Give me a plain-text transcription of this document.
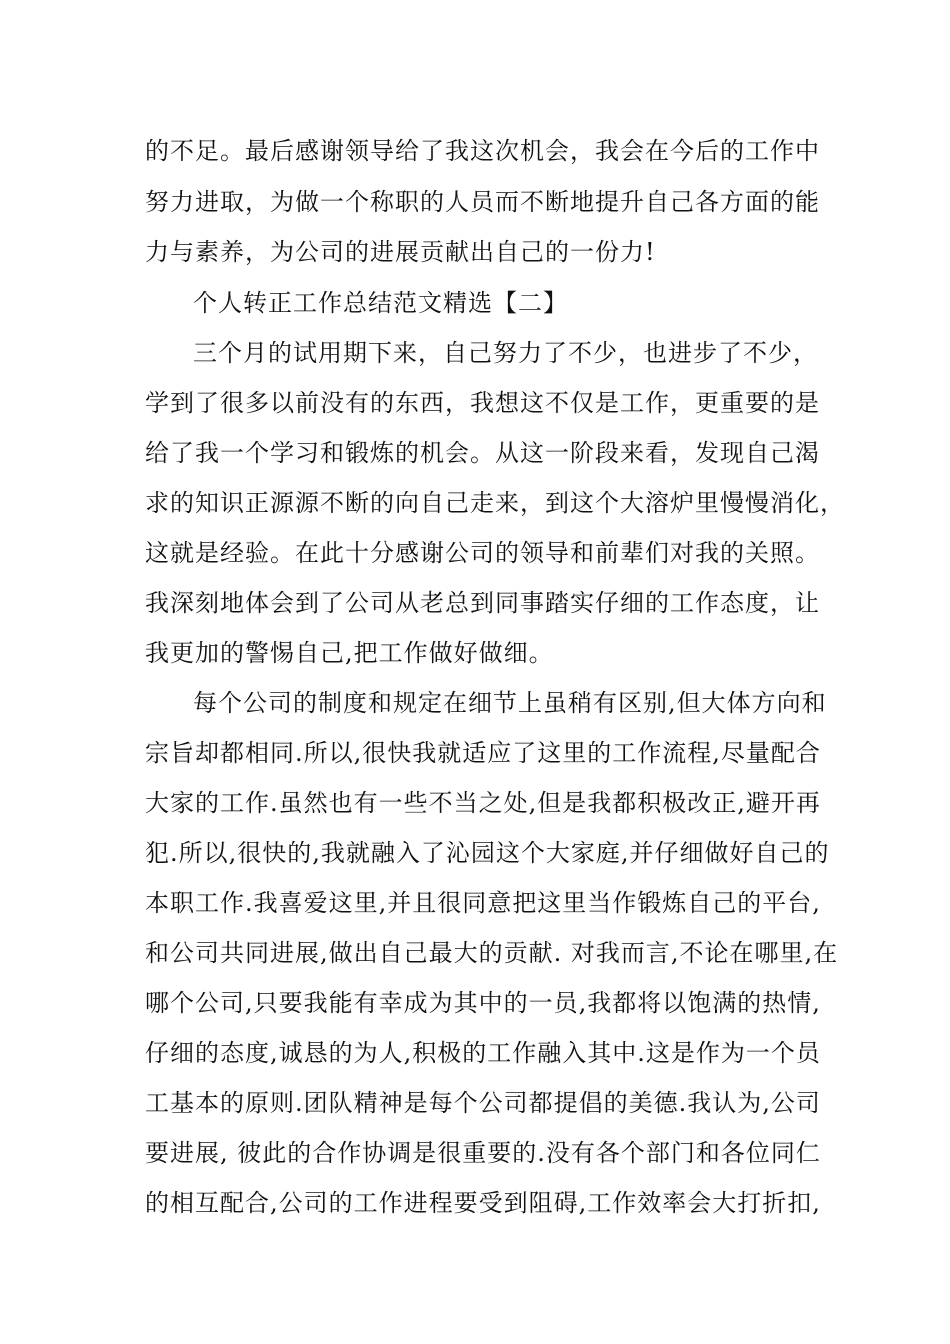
的不足。最后感谢领导给了我这次机会，我会在今后的工作中
努力进取，为做一个称职的人员而不断地提升自己各方面的能
力与素养，为公司的进展贡献出自己的一份力!
个人转正工作总结范文精选【二】
三个月的试用期下来，自己努力了不少，也进步了不少，
学到了很多以前没有的东西，我想这不仅是工作，更重要的是
给了我一个学习和锻炼的机会。从这一阶段来看，发现自己渴
求的知识正源源不断的向自己走来，到这个大溶炉里慢慢消化，
这就是经验。在此十分感谢公司的领导和前辈们对我的关照。
我深刻地体会到了公司从老总到同事踏实仔细的工作态度，让
我更加的警惕自己,把工作做好做细。
每个公司的制度和规定在细节上虽稍有区别,但大体方向和
宗旨却都相同.所以,很快我就适应了这里的工作流程,尽量配合
大家的工作.虽然也有一些不当之处,但是我都积极改正,避开再
犯.所以,很快的,我就融入了沁园这个大家庭,并仔细做好自己的
本职工作.我喜爱这里,并且很同意把这里当作锻炼自己的平台,
和公司共同进展,做出自己最大的贡献. 对我而言,不论在哪里,在
哪个公司,只要我能有幸成为其中的一员,我都将以饱满的热情,
仔细的态度,诚恳的为人,积极的工作融入其中.这是作为一个员
工基本的原则.团队精神是每个公司都提倡的美德.我认为,公司
要进展, 彼此的合作协调是很重要的.没有各个部门和各位同仁
的相互配合,公司的工作进程要受到阻碍,工作效率会大打折扣,
